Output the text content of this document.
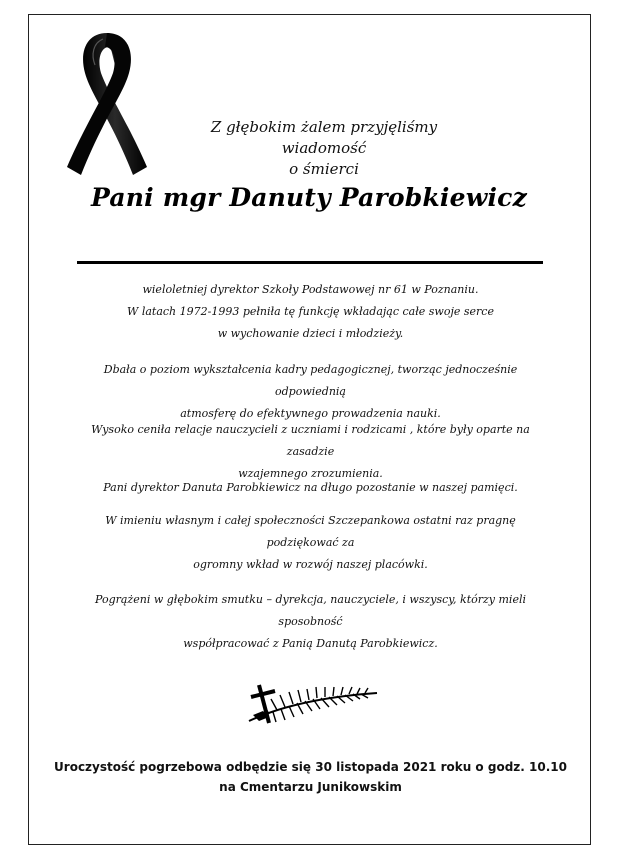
Z głębokim żalem przyjęliśmy wiadomość
o śmierci
Pani mgr Danuty Parobkiewicz

wieloletniej dyrektor Szkoły Podstawowej nr 61 w Poznaniu.
W latach 1972-1993 pełniła tę funkcję wkładając całe swoje serce
w wychowanie dzieci i młodzieży.

Dbała o poziom wykształcenia kadry pedagogicznej, tworząc jednocześnie odpowiednią
atmosferę do efektywnego prowadzenia nauki.

Wysoko ceniła relacje nauczycieli z uczniami i rodzicami , które były oparte na zasadzie
wzajemnego zrozumienia.

Pani dyrektor Danuta Parobkiewicz na długo pozostanie w naszej pamięci.

W imieniu własnym i całej społeczności Szczepankowa ostatni raz pragnę podziękować za
ogromny wkład w rozwój naszej placówki.

Pogrążeni w głębokim smutku – dyrekcja, nauczyciele, i wszyscy, którzy mieli sposobność
współpracować z Panią Danutą Parobkiewicz.

Uroczystość pogrzebowa odbędzie się 30 listopada 2021 roku o godz. 10.10
na Cmentarzu Junikowskim
